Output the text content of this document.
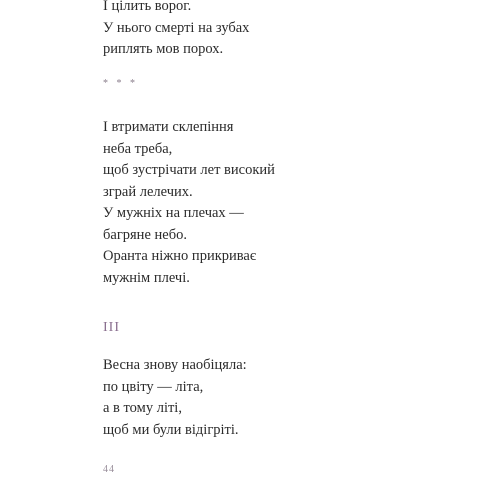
І цілить ворог.
У нього смерті на зубах
риплять мов порох.
* * *
І втримати склепіння
неба треба,
щоб зустрічати лет високий
зграй лелечих.
У мужніх на плечах —
багряне небо.
Оранта ніжно прикриває
мужнім плечі.
ІІІ
Весна знову наобіцяла:
по цвіту — літа,
а в тому літі,
щоб ми були відігріті.
44
